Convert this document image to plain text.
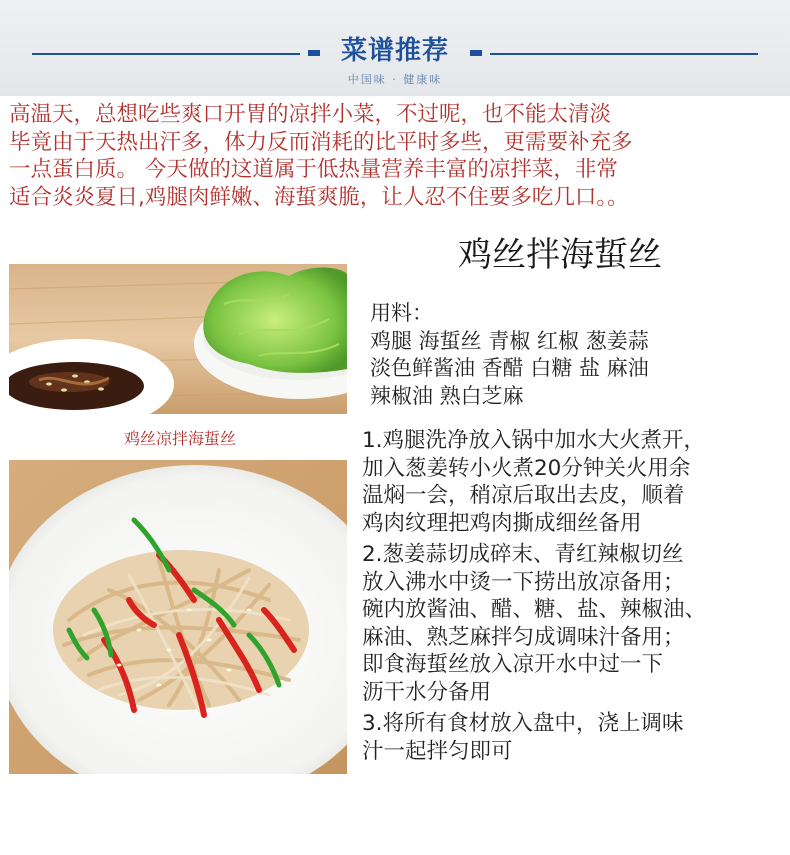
菜谱推荐
中国味 · 健康味
高温天，总想吃些爽口开胃的凉拌小菜，不过呢，也不能太清淡
毕竟由于天热出汗多，体力反而消耗的比平时多些，更需要补充多
一点蛋白质。 今天做的这道属于低热量营养丰富的凉拌菜，非常
适合炎炎夏日,鸡腿肉鲜嫩、海蜇爽脆，让人忍不住要多吃几口。。
鸡丝凉拌海蜇丝
鸡丝拌海蜇丝
用料：
鸡腿 海蜇丝 青椒 红椒 葱姜蒜
淡色鲜酱油 香醋 白糖 盐 麻油
辣椒油 熟白芝麻
1.鸡腿洗净放入锅中加水大火煮开，
加入葱姜转小火煮20分钟关火用余
温焖一会，稍凉后取出去皮，顺着
鸡肉纹理把鸡肉撕成细丝备用
2.葱姜蒜切成碎末、青红辣椒切丝
放入沸水中烫一下捞出放凉备用；
碗内放酱油、醋、糖、盐、辣椒油、
麻油、熟芝麻拌匀成调味汁备用；
即食海蜇丝放入凉开水中过一下
沥干水分备用
3.将所有食材放入盘中，浇上调味
汁一起拌匀即可
